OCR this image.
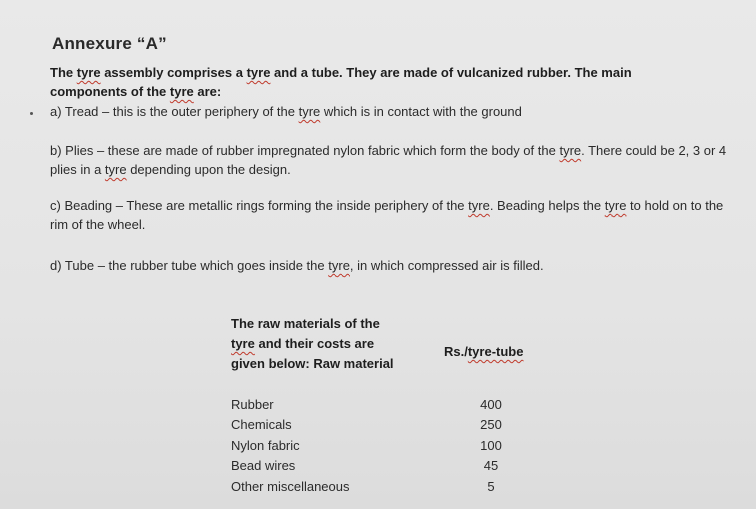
Annexure “A”
The tyre assembly comprises a tyre and a tube. They are made of vulcanized rubber. The main components of the tyre are:
a) Tread – this is the outer periphery of the tyre which is in contact with the ground
b) Plies – these are made of rubber impregnated nylon fabric which form the body of the tyre. There could be 2, 3 or 4 plies in a tyre depending upon the design.
c) Beading – These are metallic rings forming the inside periphery of the tyre. Beading helps the tyre to hold on to the rim of the wheel.
d) Tube – the rubber tube which goes inside the tyre, in which compressed air is filled.
The raw materials of the tyre and their costs are given below: Raw material
Rs./tyre-tube
Rubber	400
Chemicals	250
Nylon fabric	100
Bead wires	45
Other miscellaneous	5
